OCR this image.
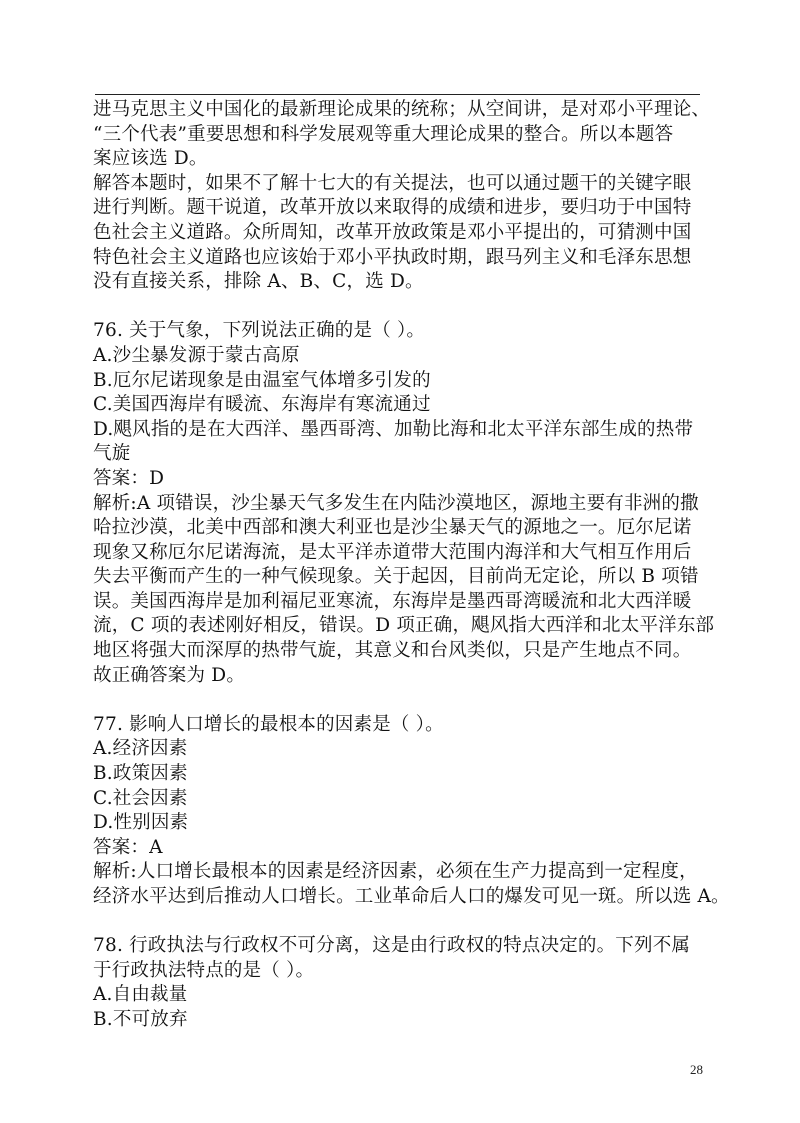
进马克思主义中国化的最新理论成果的统称；从空间讲，是对邓小平理论、
“三个代表”重要思想和科学发展观等重大理论成果的整合。所以本题答
案应该选 D。
解答本题时，如果不了解十七大的有关提法，也可以通过题干的关键字眼
进行判断。题干说道，改革开放以来取得的成绩和进步，要归功于中国特
色社会主义道路。众所周知，改革开放政策是邓小平提出的，可猜测中国
特色社会主义道路也应该始于邓小平执政时期，跟马列主义和毛泽东思想
没有直接关系，排除 A、B、C，选 D。
76. 关于气象，下列说法正确的是（ ）。
A.沙尘暴发源于蒙古高原
B.厄尔尼诺现象是由温室气体增多引发的
C.美国西海岸有暖流、东海岸有寒流通过
D.飓风指的是在大西洋、墨西哥湾、加勒比海和北太平洋东部生成的热带
气旋
答案：D
解析:A 项错误，沙尘暴天气多发生在内陆沙漠地区，源地主要有非洲的撒
哈拉沙漠，北美中西部和澳大利亚也是沙尘暴天气的源地之一。厄尔尼诺
现象又称厄尔尼诺海流，是太平洋赤道带大范围内海洋和大气相互作用后
失去平衡而产生的一种气候现象。关于起因，目前尚无定论，所以 B 项错
误。美国西海岸是加利福尼亚寒流，东海岸是墨西哥湾暖流和北大西洋暖
流，C 项的表述刚好相反，错误。D 项正确，飓风指大西洋和北太平洋东部
地区将强大而深厚的热带气旋，其意义和台风类似，只是产生地点不同。
故正确答案为 D。
77. 影响人口增长的最根本的因素是（ ）。
A.经济因素
B.政策因素
C.社会因素
D.性别因素
答案：A
解析:人口增长最根本的因素是经济因素，必须在生产力提高到一定程度，
经济水平达到后推动人口增长。工业革命后人口的爆发可见一斑。所以选 A。
78. 行政执法与行政权不可分离，这是由行政权的特点决定的。下列不属
于行政执法特点的是（ ）。
A.自由裁量
B.不可放弃
28
